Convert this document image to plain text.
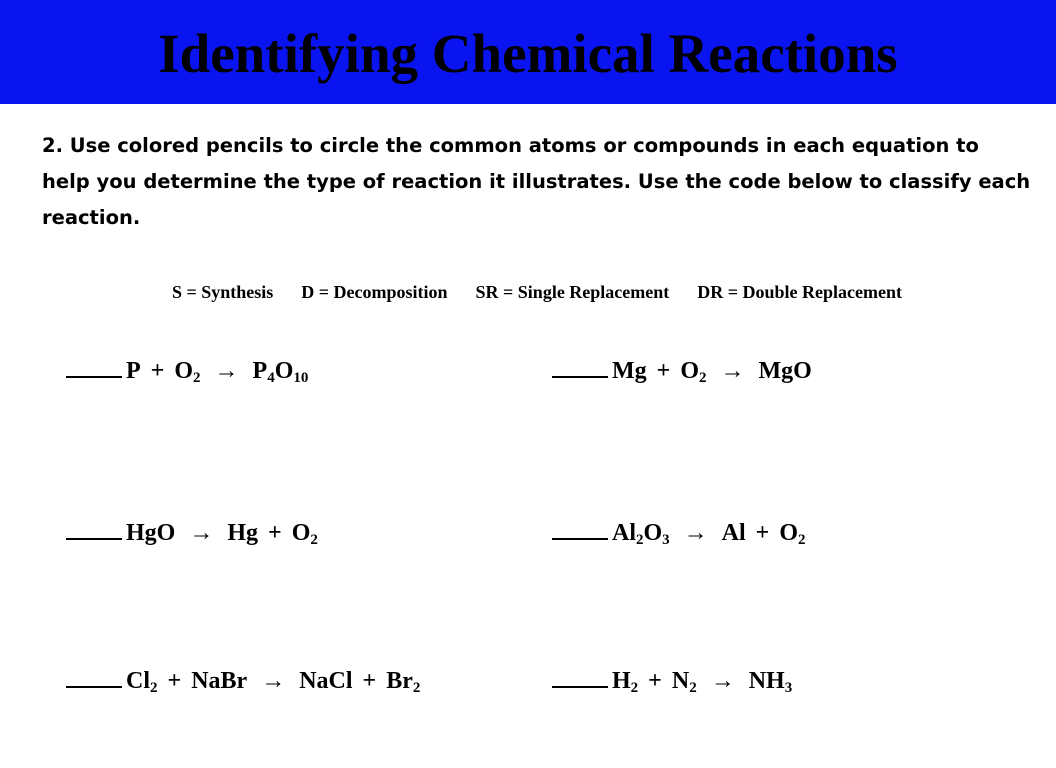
Identifying Chemical Reactions

2. Use colored pencils to circle the common atoms or compounds in each equation to help you determine the type of reaction it illustrates. Use the code below to classify each reaction.

S = Synthesis D = Decomposition SR = Single Replacement DR = Double Replacement

$P + O_2 \to P_4O_{10}$	$Mg + O_2$ → MgO
HgO → $Hg + O_2$	$Al_2O_3 \to Al + O_2$
$Cl_2$ + NaBr → NaCl + $Br_2$	$H_2 + N_2 \to NH_3$
